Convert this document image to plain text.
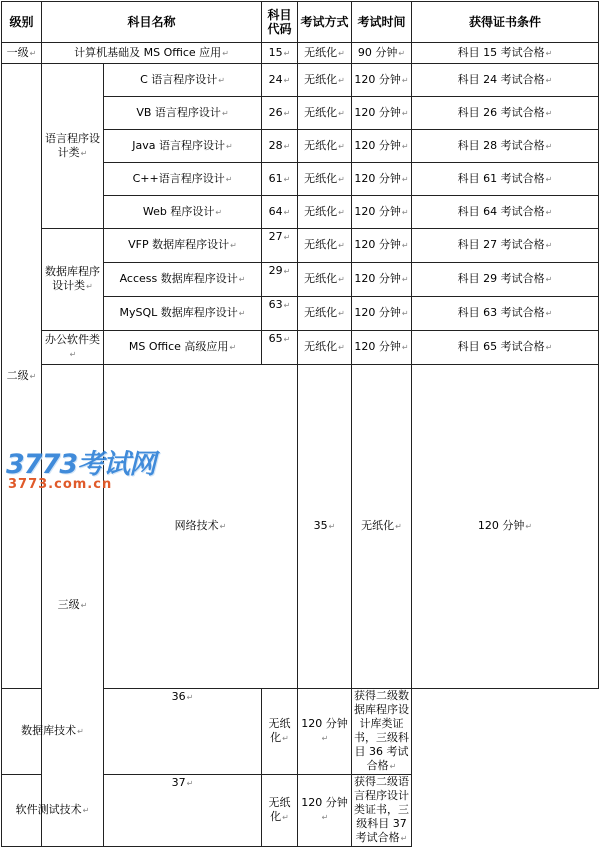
级别	科目名称		科目代码	考试方式	考试时间	获得证书条件	
一级↵	计算机基础及 MS Office 应用↵		15↵	无纸化↵	90 分钟↵	科目 15 考试合格↵	
二级↵	语言程序设计类↵	C 语言程序设计↵	24↵	无纸化↵	120 分钟↵	科目 24 考试合格↵	
		VB 语言程序设计↵	26↵	无纸化↵	120 分钟↵	科目 26 考试合格↵	
		Java 语言程序设计↵	28↵	无纸化↵	120 分钟↵	科目 28 考试合格↵	
		C++语言程序设计↵	61↵	无纸化↵	120 分钟↵	科目 61 考试合格↵	
		Web 程序设计↵	64↵	无纸化↵	120 分钟↵	科目 64 考试合格↵	
	数据库程序设计类↵	VFP 数据库程序设计↵	27↵	无纸化↵	120 分钟↵	科目 27 考试合格↵	
		Access 数据库程序设计↵	29↵	无纸化↵	120 分钟↵	科目 29 考试合格↵	
		MySQL 数据库程序设计↵	63↵	无纸化↵	120 分钟↵	科目 63 考试合格↵	
	办公软件类↵	MS Office 高级应用↵	65↵	无纸化↵	120 分钟↵	科目 65 考试合格↵	
	三级↵	网络技术↵		35↵	无纸化↵	120 分钟↵	
数据库技术↵		36↵	无纸化↵	120 分钟↵	获得二级数据库程序设计库类证书，三级科目 36 考试合格↵		
软件测试技术↵		37↵	无纸化↵	120 分钟↵	获得二级语言程序设计类证书，三级科目 37 考试合格↵		
3773考试网
3773.com.cn
